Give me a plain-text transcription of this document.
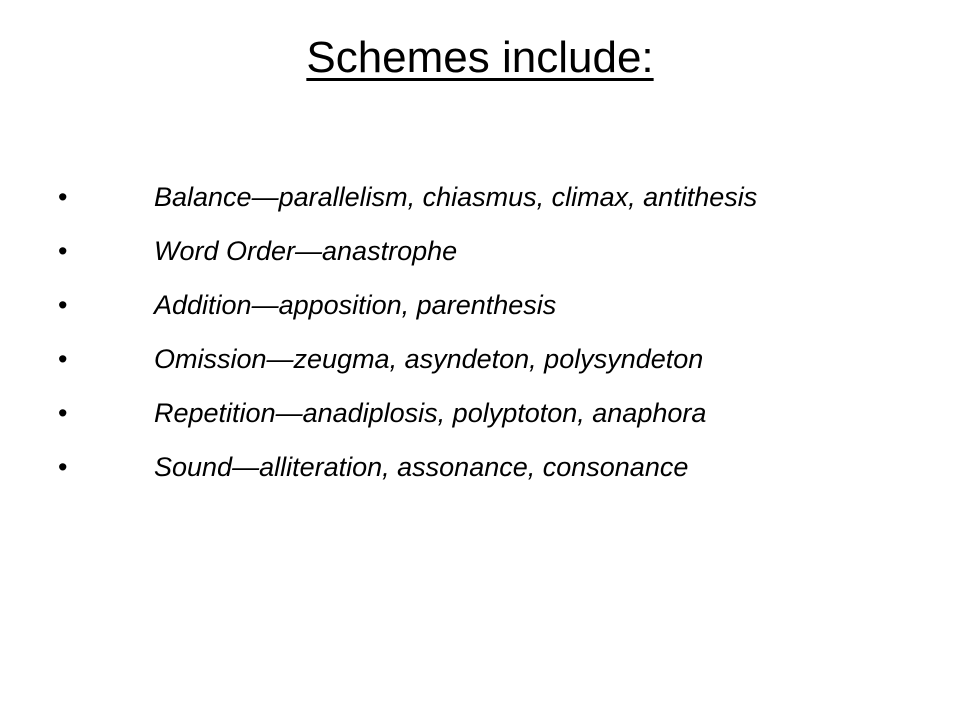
Schemes include:
•	Balance—parallelism, chiasmus, climax, antithesis
•	Word Order—anastrophe
•	Addition—apposition, parenthesis
•	Omission—zeugma, asyndeton, polysyndeton
•	Repetition—anadiplosis, polyptoton, anaphora
•	Sound—alliteration, assonance, consonance
